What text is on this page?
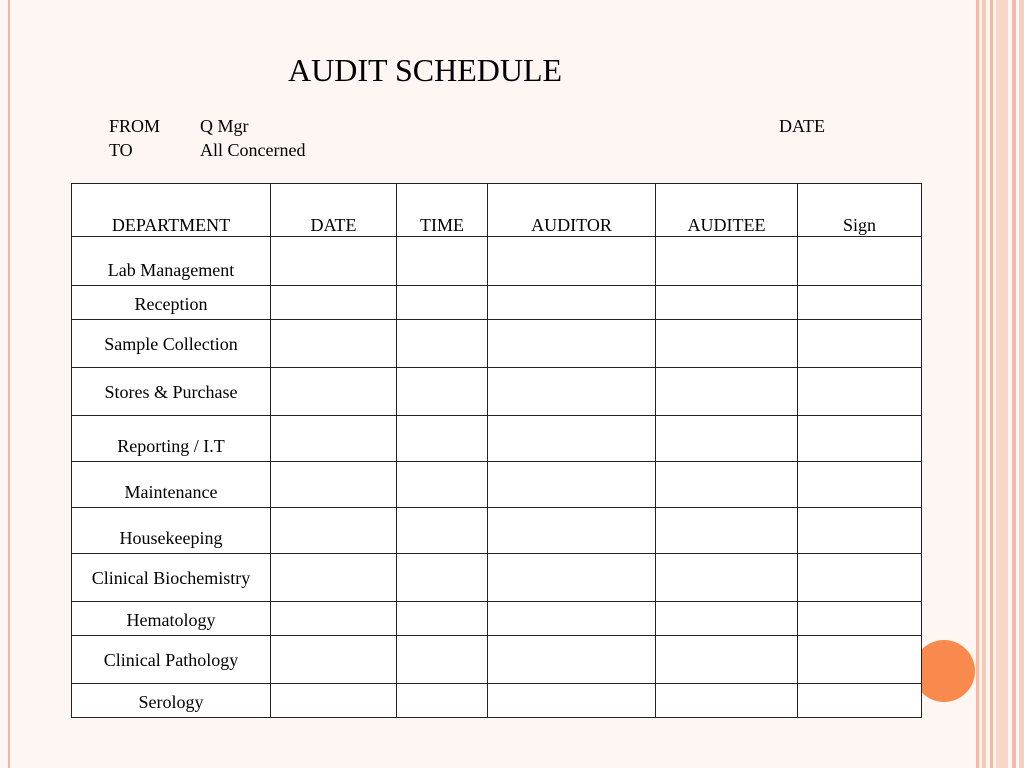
AUDIT SCHEDULE
FROM Q Mgr
TO	All Concerned
DATE
DEPARTMENT	DATE	TIME	AUDITOR	AUDITEE	Sign
Lab Management					
Reception					
Sample Collection					
Stores & Purchase					
Reporting / I.T					
Maintenance					
Housekeeping					
Clinical Biochemistry					
Hematology					
Clinical Pathology					
Serology					
